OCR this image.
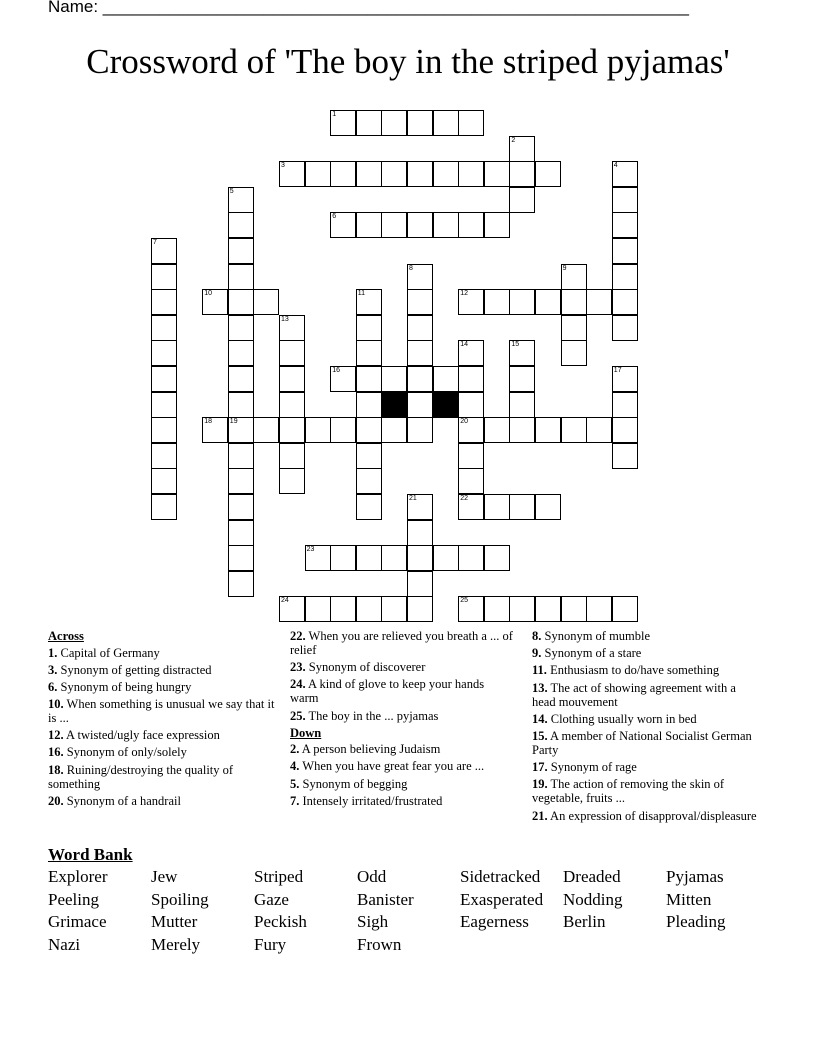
Name: ______________________________________________________________
Crossword of 'The boy in the striped pyjamas'
1
2
3	4
5
6
7
8	9
10	11	12
13
14
20
15
16	17
18	19
21	22
23
24	25
Across
1. Capital of Germany
3. Synonym of getting distracted
6. Synonym of being hungry
10. When something is unusual we say that it is ...
12. A twisted/ugly face expression
16. Synonym of only/solely
18. Ruining/destroying the quality of something
20. Synonym of a handrail
22. When you are relieved you breath a ... of relief
23. Synonym of discoverer
24. A kind of glove to keep your hands warm
25. The boy in the ... pyjamas
Down
2. A person believing Judaism
4. When you have great fear you are ...
5. Synonym of begging
7. Intensely irritated/frustrated
8. Synonym of mumble
9. Synonym of a stare
11. Enthusiasm to do/have something
13. The act of showing agreement with a head mouvement
14. Clothing usually worn in bed
15. A member of National Socialist German Party
17. Synonym of rage
19. The action of removing the skin of vegetable, fruits ...
21. An expression of disapproval/displeasure
Word Bank
Explorer	Jew	Striped	Odd	Sidetracked	Dreaded	Pyjamas
Peeling	Spoiling	Gaze	Banister	Exasperated	Nodding	Mitten
Grimace	Mutter	Peckish	Sigh	Eagerness	Berlin	Pleading
Nazi	Merely	Fury	Frown
